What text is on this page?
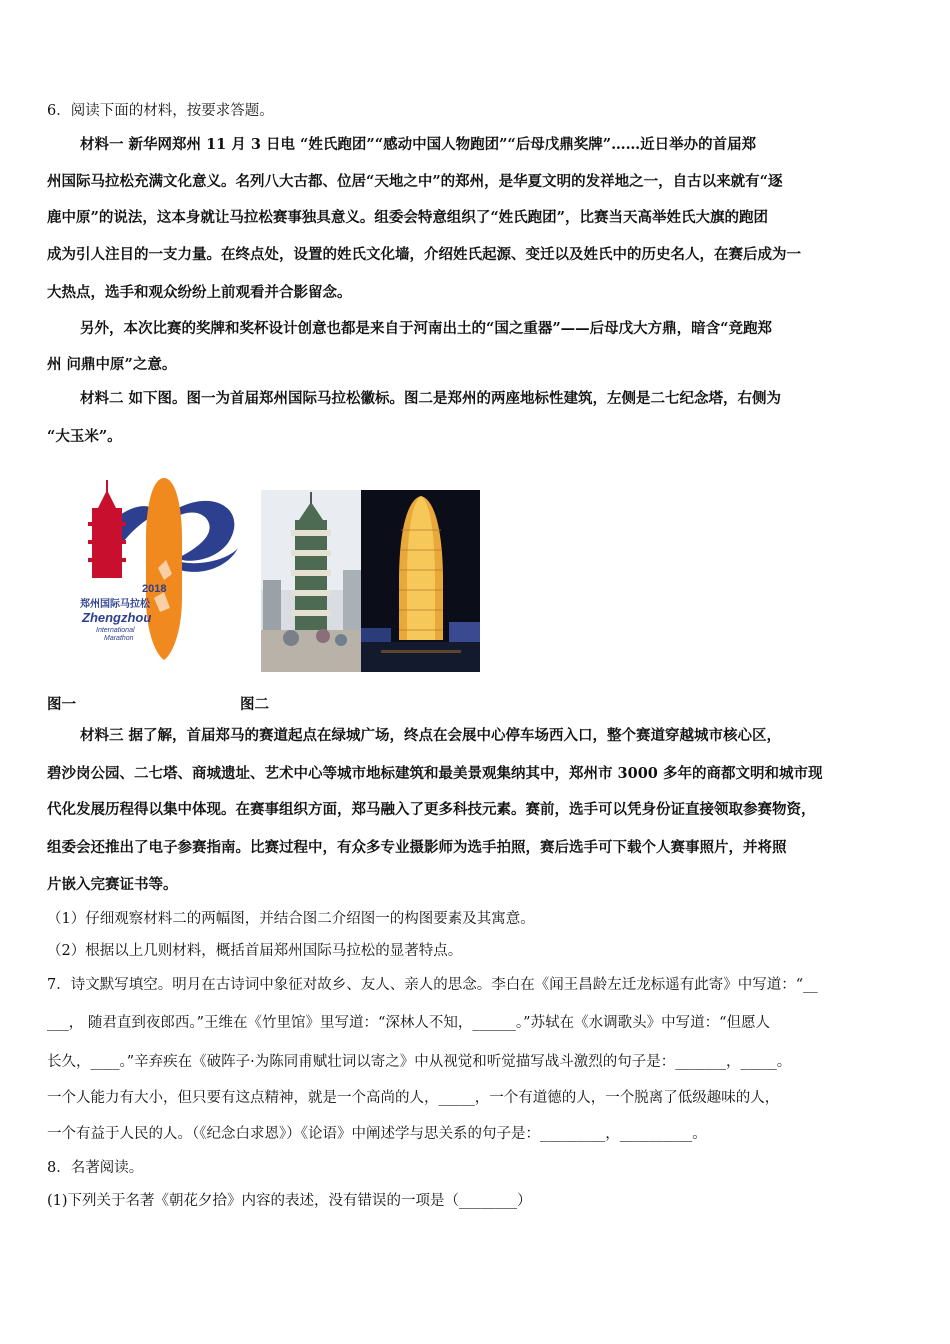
6．阅读下面的材料，按要求答题。
材料一 新华网郑州 11 月 3 日电 “姓氏跑团”“感动中国人物跑团”“后母戊鼎奖牌”……近日举办的首届郑
州国际马拉松充满文化意义。名列八大古都、位居“天地之中”的郑州，是华夏文明的发祥地之一，自古以来就有“逐
鹿中原”的说法，这本身就让马拉松赛事独具意义。组委会特意组织了“姓氏跑团”，比赛当天高举姓氏大旗的跑团
成为引人注目的一支力量。在终点处，设置的姓氏文化墙，介绍姓氏起源、变迁以及姓氏中的历史名人，在赛后成为一
大热点，选手和观众纷纷上前观看并合影留念。
另外，本次比赛的奖牌和奖杯设计创意也都是来自于河南出土的“国之重器”——后母戊大方鼎，暗含“竞跑郑
州 问鼎中原”之意。
材料二 如下图。图一为首届郑州国际马拉松徽标。图二是郑州的两座地标性建筑，左侧是二七纪念塔，右侧为
“大玉米”。
2018
郑州国际马拉松
Zhengzhou
International
Marathon
图一	图二
材料三 据了解，首届郑马的赛道起点在绿城广场，终点在会展中心停车场西入口，整个赛道穿越城市核心区，
碧沙岗公园、二七塔、商城遗址、艺术中心等城市地标建筑和最美景观集纳其中，郑州市 3000 多年的商都文明和城市现
代化发展历程得以集中体现。在赛事组织方面，郑马融入了更多科技元素。赛前，选手可以凭身份证直接领取参赛物资，
组委会还推出了电子参赛指南。比赛过程中，有众多专业摄影师为选手拍照，赛后选手可下载个人赛事照片，并将照
片嵌入完赛证书等。
（1）仔细观察材料二的两幅图，并结合图二介绍图一的构图要素及其寓意。
（2）根据以上几则材料，概括首届郑州国际马拉松的显著特点。
7．诗文默写填空。明月在古诗词中象征对故乡、友人、亲人的思念。李白在《闻王昌龄左迁龙标遥有此寄》中写道：“__
___， 随君直到夜郎西。”王维在《竹里馆》里写道：“深林人不知，______。”苏轼在《水调歌头》中写道：“但愿人
长久，____。”辛弃疾在《破阵子·为陈同甫赋壮词以寄之》中从视觉和听觉描写战斗激烈的句子是：_______，_____。
一个人能力有大小，但只要有这点精神，就是一个高尚的人，_____，一个有道德的人，一个脱离了低级趣味的人，
一个有益于人民的人。（《纪念白求恩》）《论语》中阐述学与思关系的句子是：_________，__________。
8．名著阅读。
(1)下列关于名著《朝花夕拾》内容的表述，没有错误的一项是（________）
